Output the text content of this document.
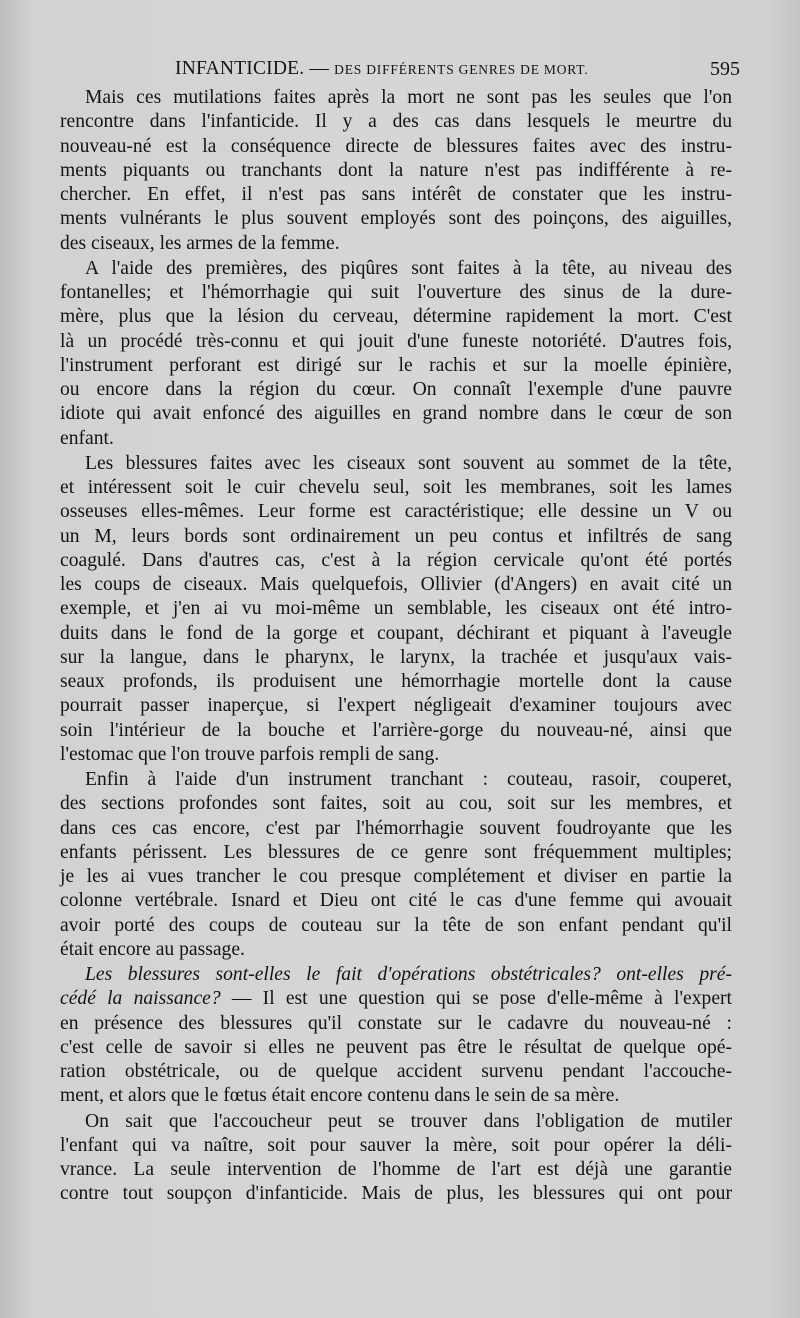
INFANTICIDE. — DES DIFFÉRENTS GENRES DE MORT.	595
Mais ces mutilations faites après la mort ne sont pas les seules que l'on
rencontre dans l'infanticide. Il y a des cas dans lesquels le meurtre du
nouveau-né est la conséquence directe de blessures faites avec des instru-
ments piquants ou tranchants dont la nature n'est pas indifférente à re-
chercher. En effet, il n'est pas sans intérêt de constater que les instru-
ments vulnérants le plus souvent employés sont des poinçons, des aiguilles,
des ciseaux, les armes de la femme.
A l'aide des premières, des piqûres sont faites à la tête, au niveau des
fontanelles; et l'hémorrhagie qui suit l'ouverture des sinus de la dure-
mère, plus que la lésion du cerveau, détermine rapidement la mort. C'est
là un procédé très-connu et qui jouit d'une funeste notoriété. D'autres fois,
l'instrument perforant est dirigé sur le rachis et sur la moelle épinière,
ou encore dans la région du cœur. On connaît l'exemple d'une pauvre
idiote qui avait enfoncé des aiguilles en grand nombre dans le cœur de son
enfant.
Les blessures faites avec les ciseaux sont souvent au sommet de la tête,
et intéressent soit le cuir chevelu seul, soit les membranes, soit les lames
osseuses elles-mêmes. Leur forme est caractéristique; elle dessine un V ou
un M, leurs bords sont ordinairement un peu contus et infiltrés de sang
coagulé. Dans d'autres cas, c'est à la région cervicale qu'ont été portés
les coups de ciseaux. Mais quelquefois, Ollivier (d'Angers) en avait cité un
exemple, et j'en ai vu moi-même un semblable, les ciseaux ont été intro-
duits dans le fond de la gorge et coupant, déchirant et piquant à l'aveugle
sur la langue, dans le pharynx, le larynx, la trachée et jusqu'aux vais-
seaux profonds, ils produisent une hémorrhagie mortelle dont la cause
pourrait passer inaperçue, si l'expert négligeait d'examiner toujours avec
soin l'intérieur de la bouche et l'arrière-gorge du nouveau-né, ainsi que
l'estomac que l'on trouve parfois rempli de sang.
Enfin à l'aide d'un instrument tranchant : couteau, rasoir, couperet,
des sections profondes sont faites, soit au cou, soit sur les membres, et
dans ces cas encore, c'est par l'hémorrhagie souvent foudroyante que les
enfants périssent. Les blessures de ce genre sont fréquemment multiples;
je les ai vues trancher le cou presque complétement et diviser en partie la
colonne vertébrale. Isnard et Dieu ont cité le cas d'une femme qui avouait
avoir porté des coups de couteau sur la tête de son enfant pendant qu'il
était encore au passage.
Les blessures sont-elles le fait d'opérations obstétricales? ont-elles pré-
cédé la naissance? — Il est une question qui se pose d'elle-même à l'expert
en présence des blessures qu'il constate sur le cadavre du nouveau-né :
c'est celle de savoir si elles ne peuvent pas être le résultat de quelque opé-
ration obstétricale, ou de quelque accident survenu pendant l'accouche-
ment, et alors que le fœtus était encore contenu dans le sein de sa mère.
On sait que l'accoucheur peut se trouver dans l'obligation de mutiler
l'enfant qui va naître, soit pour sauver la mère, soit pour opérer la déli-
vrance. La seule intervention de l'homme de l'art est déjà une garantie
contre tout soupçon d'infanticide. Mais de plus, les blessures qui ont pour
